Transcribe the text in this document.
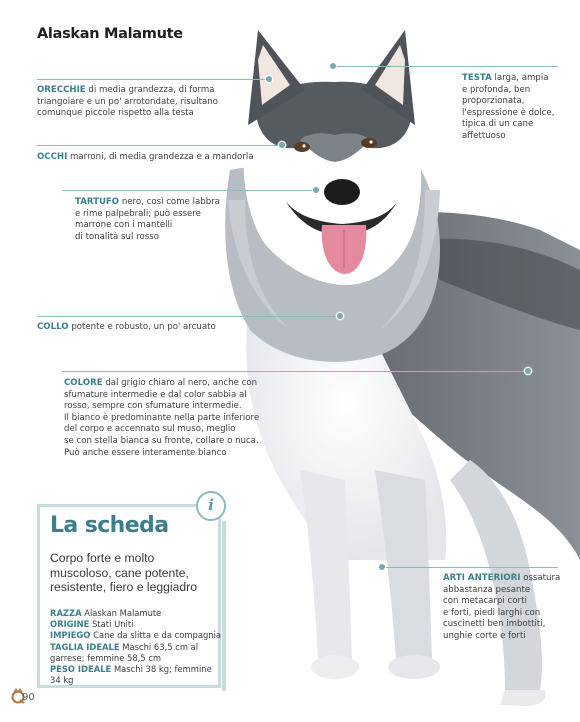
Alaskan Malamute
ORECCHIE di media grandezza, di forma
triangolare e un po' arrotondate, risultano
comunque piccole rispetto alla testa
OCCHI marroni, di media grandezza e a mandorla
TARTUFO nero, così come labbra
e rime palpebrali; può essere
marrone con i mantelli
di tonalità sul rosso
COLLO potente e robusto, un po' arcuato
COLORE dal grigio chiaro al nero, anche con
sfumature intermedie e dal color sabbia al
rosso, sempre con sfumature intermedie.
Il bianco è predominante nella parte inferiore
del corpo e accennato sul muso, meglio
se con stella bianca su fronte, collare o nuca.
Può anche essere interamente bianco
TESTA larga, ampia
e profonda, ben
proporzionata,
l'espressione è dolce,
tipica di un cane
affettuoso
ARTI ANTERIORI ossatura
abbastanza pesante
con metacarpi corti
e forti, piedi larghi con
cuscinetti ben imbottiti,
unghie corte e forti
La scheda
Corpo forte e molto muscoloso, cane potente, resistente, fiero e leggiadro
RAZZA Alaskan Malamute
ORIGINE Stati Uniti
IMPIEGO Cane da slitta e da compagnia
TAGLIA IDEALE Maschi 63,5 cm al garrese; femmine 58,5 cm
PESO IDEALE Maschi 38 kg; femmine 34 kg
i
90
